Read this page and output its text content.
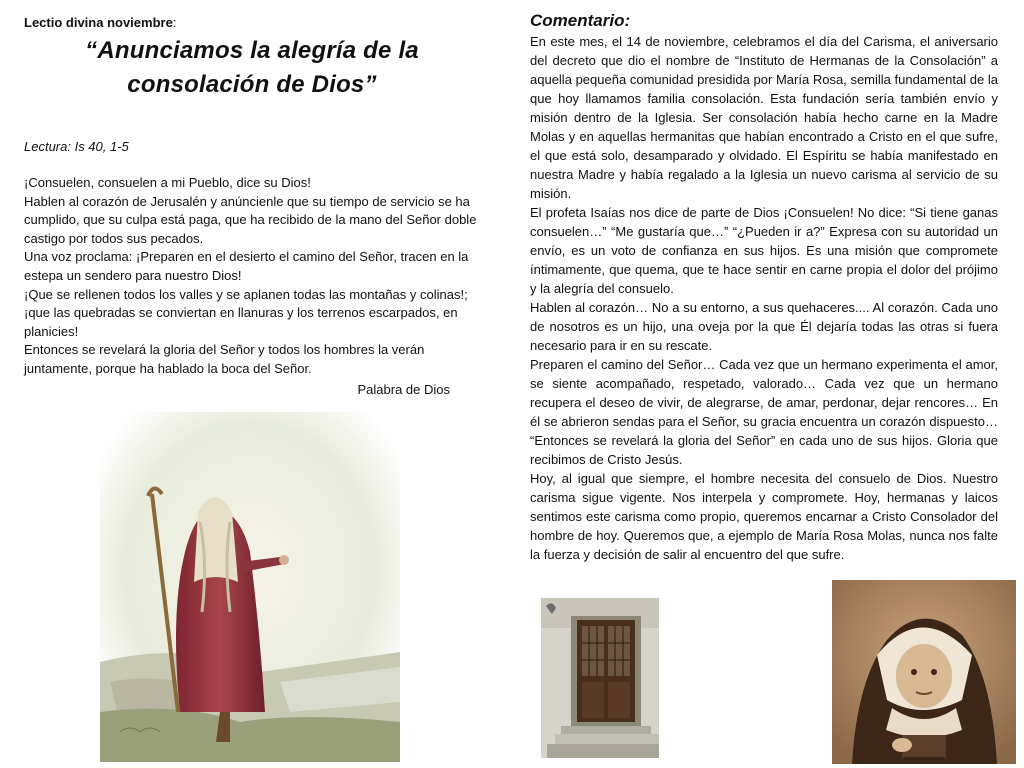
Lectio divina noviembre:

“Anunciamos la alegría de la
consolación de Dios”

Lectura: Is 40, 1-5

¡Consuelen, consuelen a mi Pueblo, dice su Dios!

Hablen al corazón de Jerusalén y anúncienle que su tiempo de servicio se ha cumplido, que su culpa está paga, que ha recibido de la mano del Señor doble castigo por todos sus pecados.

Una voz proclama: ¡Preparen en el desierto el camino del Señor, tracen en la estepa un sendero para nuestro Dios!

¡Que se rellenen todos los valles y se aplanen todas las montañas y colinas!; ¡que las quebradas se conviertan en llanuras y los terrenos escarpados, en planicies!

Entonces se revelará la gloria del Señor y todos los hombres la verán juntamente, porque ha hablado la boca del Señor.

Palabra de Dios

Comentario:

En este mes, el 14 de noviembre, celebramos el día del Carisma, el aniversario del decreto que dio el nombre de “Instituto de Hermanas de la Consolación” a aquella pequeña comunidad presidida por María Rosa, semilla fundamental de la que hoy llamamos familia consolación. Esta fundación sería también envío y misión dentro de la Iglesia. Ser consolación había hecho carne en la Madre Molas y en aquellas hermanitas que habían encontrado a Cristo en el que sufre, el que está solo, desamparado y olvidado. El Espíritu se había manifestado en nuestra Madre y había regalado a la Iglesia un nuevo carisma al servicio de su misión.

El profeta Isaías nos dice de parte de Dios ¡Consuelen! No dice: “Si tiene ganas consuelen…” “Me gustaría que…” “¿Pueden ir a?” Expresa con su autoridad un envío, es un voto de confianza en sus hijos. Es una misión que compromete íntimamente, que quema, que te hace sentir en carne propia el dolor del prójimo y la alegría del consuelo.

Hablen al corazón… No a su entorno, a sus quehaceres.... Al corazón. Cada uno de nosotros es un hijo, una oveja por la que Él dejaría todas las otras si fuera necesario para ir en su rescate.

Preparen el camino del Señor… Cada vez que un hermano experimenta el amor, se siente acompañado, respetado, valorado… Cada vez que un hermano recupera el deseo de vivir, de alegrarse, de amar, perdonar, dejar rencores… En él se abrieron sendas para el Señor, su gracia encuentra un corazón dispuesto… “Entonces se revelará la gloria del Señor” en cada uno de sus hijos. Gloria que recibimos de Cristo Jesús.

Hoy, al igual que siempre, el hombre necesita del consuelo de Dios. Nuestro carisma sigue vigente. Nos interpela y compromete. Hoy, hermanas y laicos sentimos este carisma como propio, queremos encarnar a Cristo Consolador del hombre de hoy. Queremos que, a ejemplo de María Rosa Molas, nunca nos falte la fuerza y decisión de salir al encuentro del que sufre.
